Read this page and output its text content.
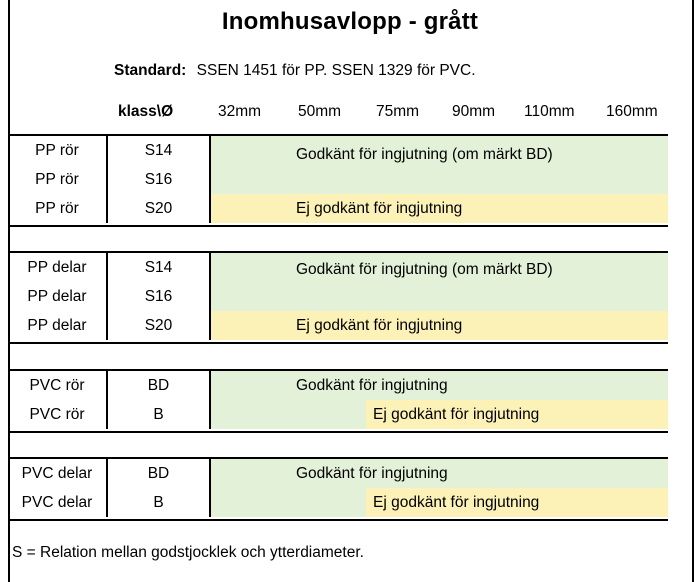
Inomhusavlopp - grått
Standard: SSEN 1451 för PP. SSEN 1329 för PVC.
klass\Ø	32mm 50mm 75mm 90mm 110mm 160mm
PP rör	S14	Godkänt för ingjutning (om märkt BD)
PP rör	S16
PP rör	S20	Ej godkänt för ingjutning
PP delar	S14	Godkänt för ingjutning (om märkt BD)
PP delar	S16
PP delar	S20	Ej godkänt för ingjutning
PVC rör	BD	Godkänt för ingjutning
PVC rör	B	Ej godkänt för ingjutning
PVC delar	BD	Godkänt för ingjutning
PVC delar	B	Ej godkänt för ingjutning
S = Relation mellan godstjocklek och ytterdiameter.
